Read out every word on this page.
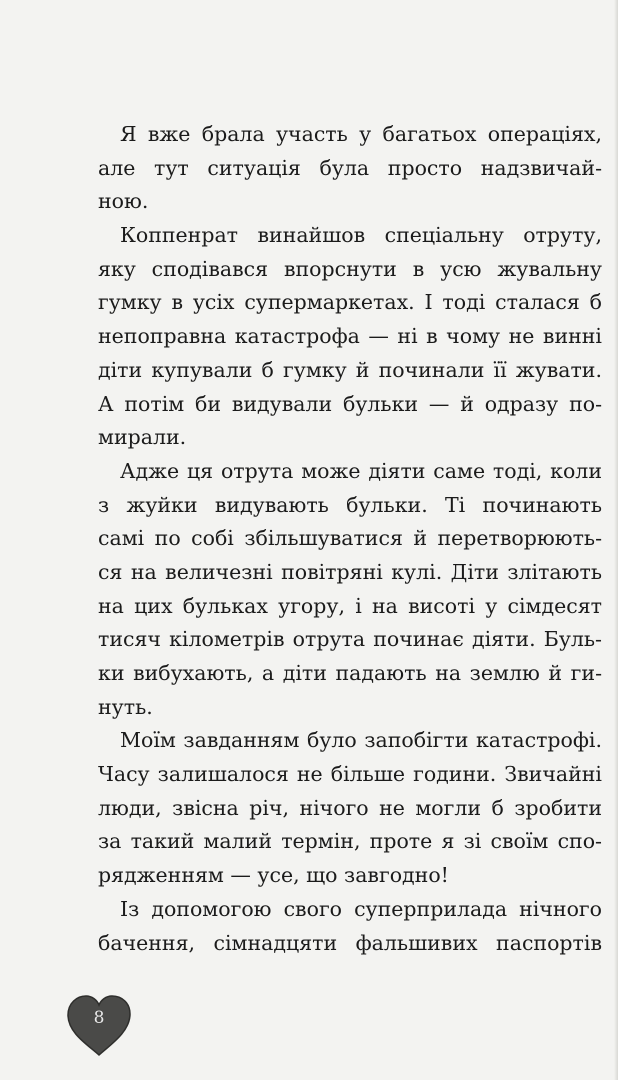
Я вже брала участь у багатьох операціях,
але тут ситуація була просто надзвичай-
ною.
Коппенрат винайшов спеціальну отруту,
яку сподівався впорснути в усю жувальну
гумку в усіх супермаркетах. І тоді сталася б
непоправна катастрофа — ні в чому не винні
діти купували б гумку й починали її жувати.
А потім би видували бульки — й одразу по-
мирали.
Адже ця отрута може діяти саме тоді, коли
з жуйки видувають бульки. Ті починають
самі по собі збільшуватися й перетворюють-
ся на величезні повітряні кулі. Діти злітають
на цих бульках угору, і на висоті у сімдесят
тисяч кілометрів отрута починає діяти. Буль-
ки вибухають, а діти падають на землю й ги-
нуть.
Моїм завданням було запобігти катастрофі.
Часу залишалося не більше години. Звичайні
люди, звісна річ, нічого не могли б зробити
за такий малий термін, проте я зі своїм спо-
рядженням — усе, що завгодно!
Із допомогою свого суперприлада нічного
бачення, сімнадцяти фальшивих паспортів
8
